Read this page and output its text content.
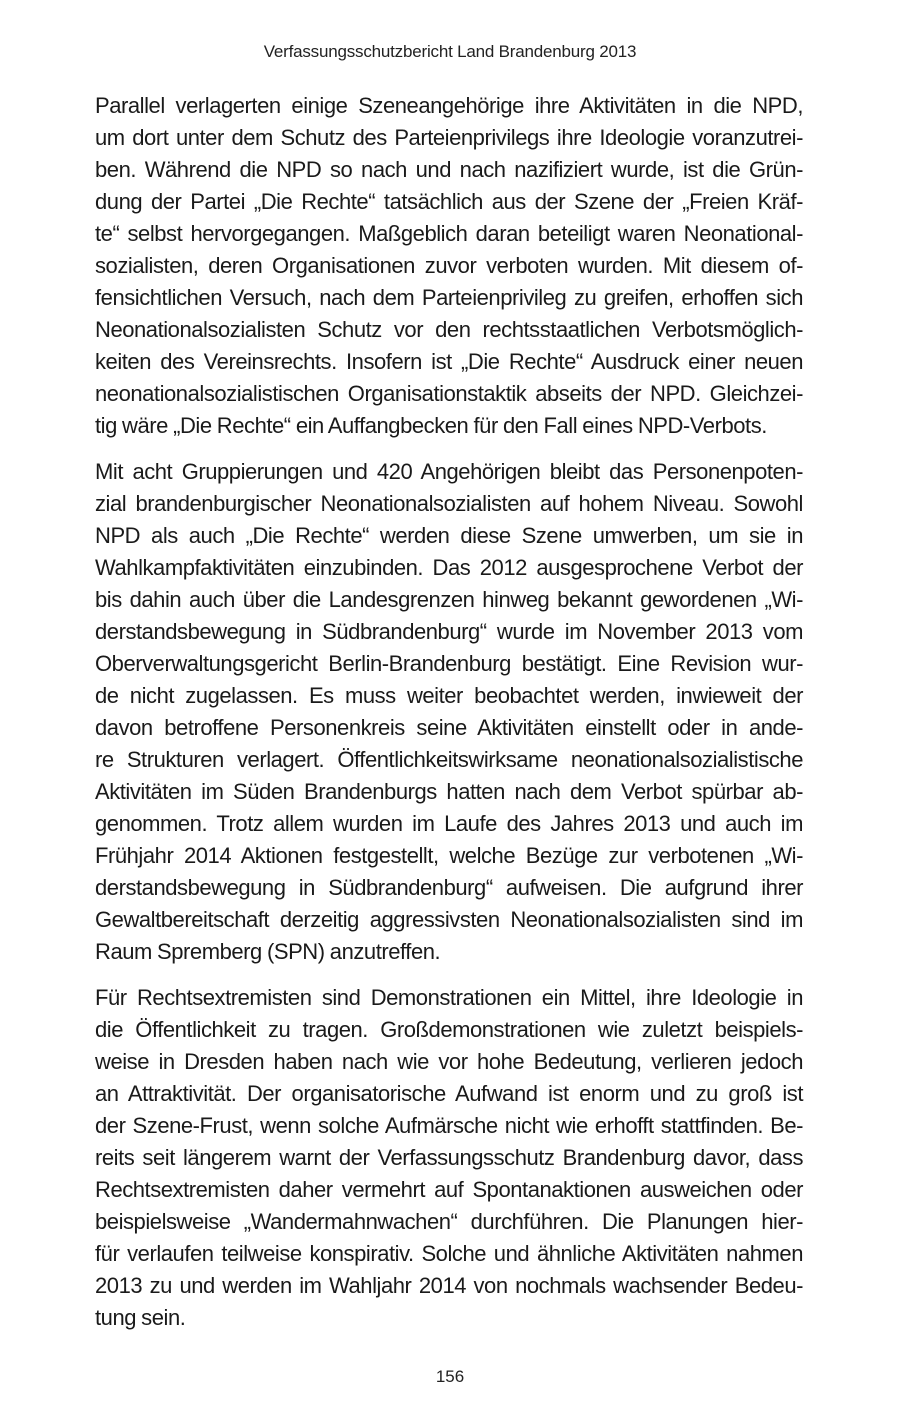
Verfassungsschutzbericht Land Brandenburg 2013

Parallel verlagerten einige Szeneangehörige ihre Aktivitäten in die NPD,
um dort unter dem Schutz des Parteienprivilegs ihre Ideologie voranzutrei-
ben. Während die NPD so nach und nach nazifiziert wurde, ist die Grün-
dung der Partei „Die Rechte“ tatsächlich aus der Szene der „Freien Kräf-
te“ selbst hervorgegangen. Maßgeblich daran beteiligt waren Neonational-
sozialisten, deren Organisationen zuvor verboten wurden. Mit diesem of-
fensichtlichen Versuch, nach dem Parteienprivileg zu greifen, erhoffen sich
Neonationalsozialisten Schutz vor den rechtsstaatlichen Verbotsmöglich-
keiten des Vereinsrechts. Insofern ist „Die Rechte“ Ausdruck einer neuen
neonationalsozialistischen Organisationstaktik abseits der NPD. Gleichzei-
tig wäre „Die Rechte“ ein Auffangbecken für den Fall eines NPD-Verbots.

Mit acht Gruppierungen und 420 Angehörigen bleibt das Personenpoten-
zial brandenburgischer Neonationalsozialisten auf hohem Niveau. Sowohl
NPD als auch „Die Rechte“ werden diese Szene umwerben, um sie in
Wahlkampfaktivitäten einzubinden. Das 2012 ausgesprochene Verbot der
bis dahin auch über die Landesgrenzen hinweg bekannt gewordenen „Wi-
derstandsbewegung in Südbrandenburg“ wurde im November 2013 vom
Oberverwaltungsgericht Berlin-Brandenburg bestätigt. Eine Revision wur-
de nicht zugelassen. Es muss weiter beobachtet werden, inwieweit der
davon betroffene Personenkreis seine Aktivitäten einstellt oder in ande-
re Strukturen verlagert. Öffentlichkeitswirksame neonationalsozialistische
Aktivitäten im Süden Brandenburgs hatten nach dem Verbot spürbar ab-
genommen. Trotz allem wurden im Laufe des Jahres 2013 und auch im
Frühjahr 2014 Aktionen festgestellt, welche Bezüge zur verbotenen „Wi-
derstandsbewegung in Südbrandenburg“ aufweisen. Die aufgrund ihrer
Gewaltbereitschaft derzeitig aggressivsten Neonationalsozialisten sind im
Raum Spremberg (SPN) anzutreffen.

Für Rechtsextremisten sind Demonstrationen ein Mittel, ihre Ideologie in
die Öffentlichkeit zu tragen. Großdemonstrationen wie zuletzt beispiels-
weise in Dresden haben nach wie vor hohe Bedeutung, verlieren jedoch
an Attraktivität. Der organisatorische Aufwand ist enorm und zu groß ist
der Szene-Frust, wenn solche Aufmärsche nicht wie erhofft stattfinden. Be-
reits seit längerem warnt der Verfassungsschutz Brandenburg davor, dass
Rechtsextremisten daher vermehrt auf Spontanaktionen ausweichen oder
beispielsweise „Wandermahnwachen“ durchführen. Die Planungen hier-
für verlaufen teilweise konspirativ. Solche und ähnliche Aktivitäten nahmen
2013 zu und werden im Wahljahr 2014 von nochmals wachsender Bedeu-
tung sein.

156
